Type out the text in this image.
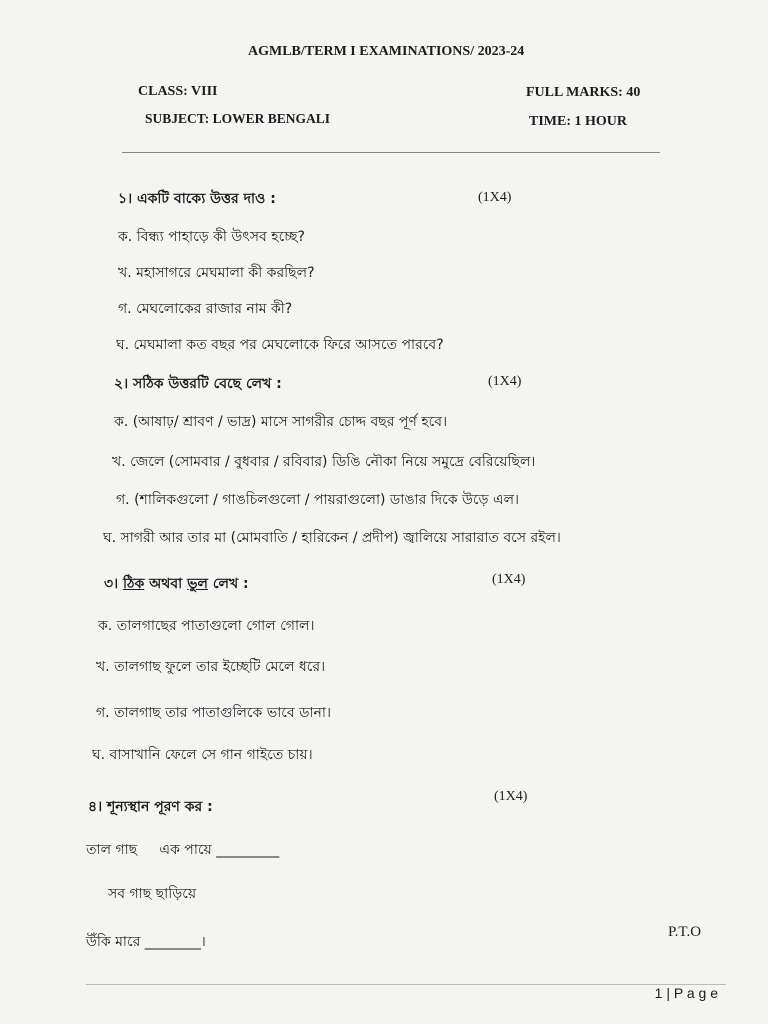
AGMLB/TERM I EXAMINATIONS/ 2023-24
CLASS: VIII
SUBJECT: LOWER BENGALI
FULL MARKS: 40
TIME: 1 HOUR
১। একটি বাক্যে উত্তর দাও :	(1X4)
ক. বিন্ধ্য পাহাড়ে কী উৎসব হচ্ছে?
খ. মহাসাগরে মেঘমালা কী করছিল?
গ. মেঘলোকের রাজার নাম কী?
ঘ. মেঘমালা কত বছর পর মেঘলোকে ফিরে আসতে পারবে?
২। সঠিক উত্তরটি বেছে লেখ :	(1X4)
ক. (আষাঢ়/ শ্রাবণ / ভাদ্র) মাসে সাগরীর চোদ্দ বছর পূর্ণ হবে।
খ. জেলে (সোমবার / বুধবার / রবিবার) ডিঙি নৌকা নিয়ে সমুদ্রে বেরিয়েছিল।
গ. (শালিকগুলো / গাঙচিলগুলো / পায়রাগুলো) ডাঙার দিকে উড়ে এল।
ঘ. সাগরী আর তার মা (মোমবাতি / হারিকেন / প্রদীপ) জ্বালিয়ে সারারাত বসে রইল।
৩। ঠিক অথবা ভুল লেখ :	(1X4)
ক. তালগাছের পাতাগুলো গোল গোল।
খ. তালগাছ ফুলে তার ইচ্ছেটি মেলে ধরে।
গ. তালগাছ তার পাতাগুলিকে ভাবে ডানা।
ঘ. বাসাখানি ফেলে সে গান গাইতে চায়।
৪। শূন্যস্থান পূরণ কর :
(1X4)
তাল গাছ     এক পায়ে _________
সব গাছ ছাড়িয়ে
উঁকি মারে ________।
P.T.O
1 | P a g e
